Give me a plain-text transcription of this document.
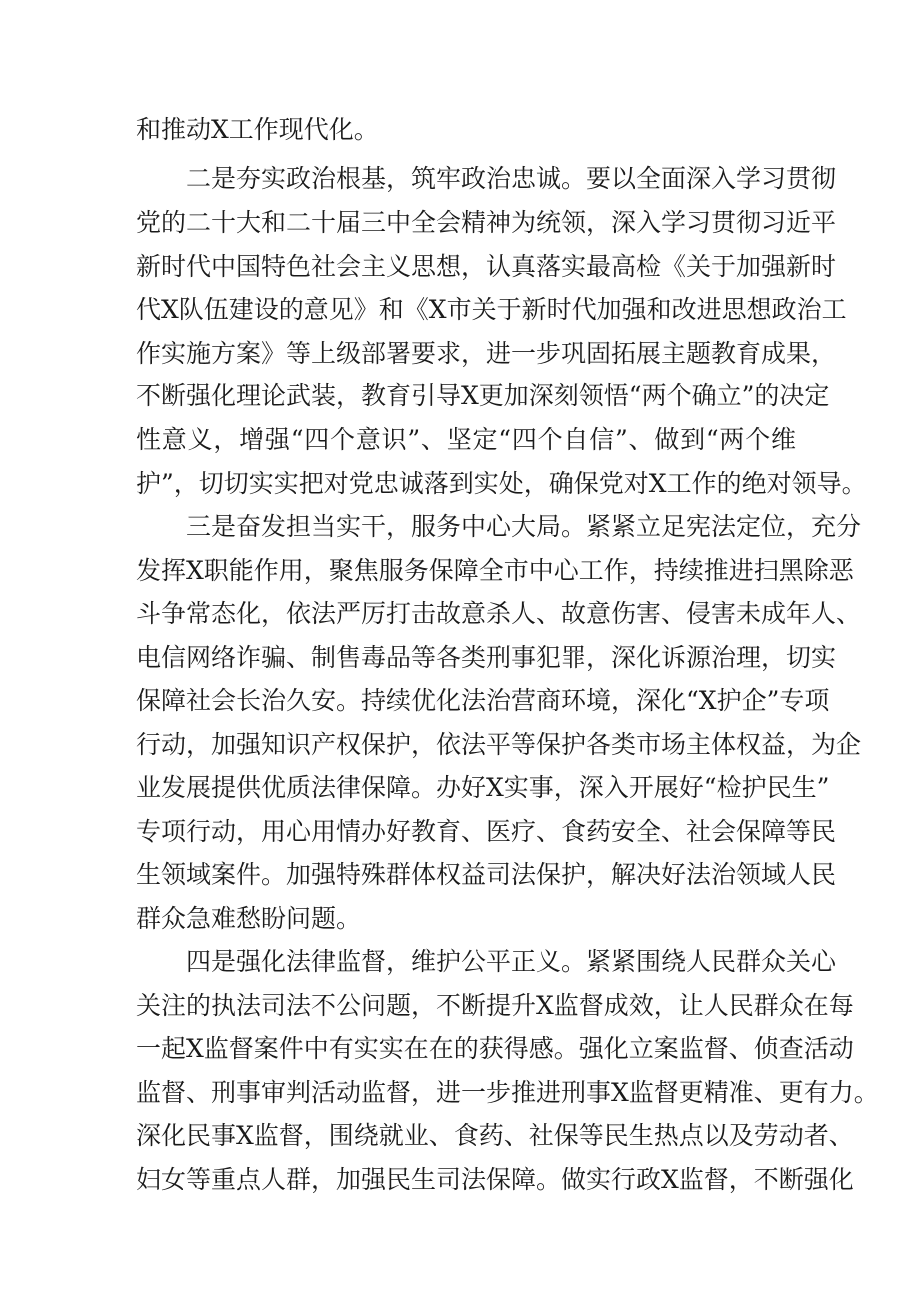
和推动X工作现代化。
二是夯实政治根基，筑牢政治忠诚。要以全面深入学习贯彻
党的二十大和二十届三中全会精神为统领，深入学习贯彻习近平
新时代中国特色社会主义思想，认真落实最高检《关于加强新时
代X队伍建设的意见》和《X市关于新时代加强和改进思想政治工
作实施方案》等上级部署要求，进一步巩固拓展主题教育成果，
不断强化理论武装，教育引导X更加深刻领悟“两个确立”的决定
性意义，增强“四个意识”、坚定“四个自信”、做到“两个维
护”，切切实实把对党忠诚落到实处，确保党对X工作的绝对领导。
三是奋发担当实干，服务中心大局。紧紧立足宪法定位，充分
发挥X职能作用，聚焦服务保障全市中心工作，持续推进扫黑除恶
斗争常态化，依法严厉打击故意杀人、故意伤害、侵害未成年人、
电信网络诈骗、制售毒品等各类刑事犯罪，深化诉源治理，切实
保障社会长治久安。持续优化法治营商环境，深化“X护企”专项
行动，加强知识产权保护，依法平等保护各类市场主体权益，为企
业发展提供优质法律保障。办好X实事，深入开展好“检护民生”
专项行动，用心用情办好教育、医疗、食药安全、社会保障等民
生领域案件。加强特殊群体权益司法保护，解决好法治领域人民
群众急难愁盼问题。
四是强化法律监督，维护公平正义。紧紧围绕人民群众关心
关注的执法司法不公问题，不断提升X监督成效，让人民群众在每
一起X监督案件中有实实在在的获得感。强化立案监督、侦查活动
监督、刑事审判活动监督，进一步推进刑事X监督更精准、更有力。
深化民事X监督，围绕就业、食药、社保等民生热点以及劳动者、
妇女等重点人群，加强民生司法保障。做实行政X监督，不断强化
